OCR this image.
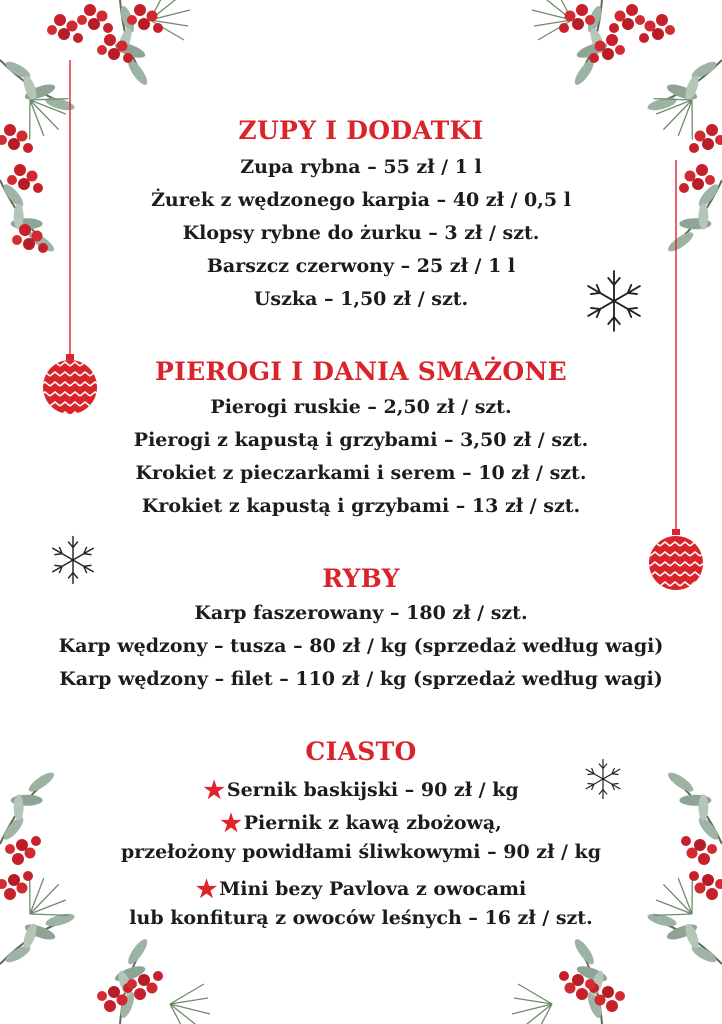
ZUPY I DODATKI
Zupa rybna – 55 zł / 1 l
Żurek z wędzonego karpia – 40 zł / 0,5 l
Klopsy rybne do żurku – 3 zł / szt.
Barszcz czerwony – 25 zł / 1 l
Uszka – 1,50 zł / szt.
PIEROGI I DANIA SMAŻONE
Pierogi ruskie – 2,50 zł / szt.
Pierogi z kapustą i grzybami – 3,50 zł / szt.
Krokiet z pieczarkami i serem – 10 zł / szt.
Krokiet z kapustą i grzybami – 13 zł / szt.
RYBY
Karp faszerowany – 180 zł / szt.
Karp wędzony – tusza – 80 zł / kg (sprzedaż według wagi)
Karp wędzony – filet – 110 zł / kg (sprzedaż według wagi)
CIASTO
★ Sernik baskijski – 90 zł / kg
★ Piernik z kawą zbożową,
przełożony powidłami śliwkowymi – 90 zł / kg
★ Mini bezy Pavlova z owocami
lub konfiturą z owoców leśnych – 16 zł / szt.
